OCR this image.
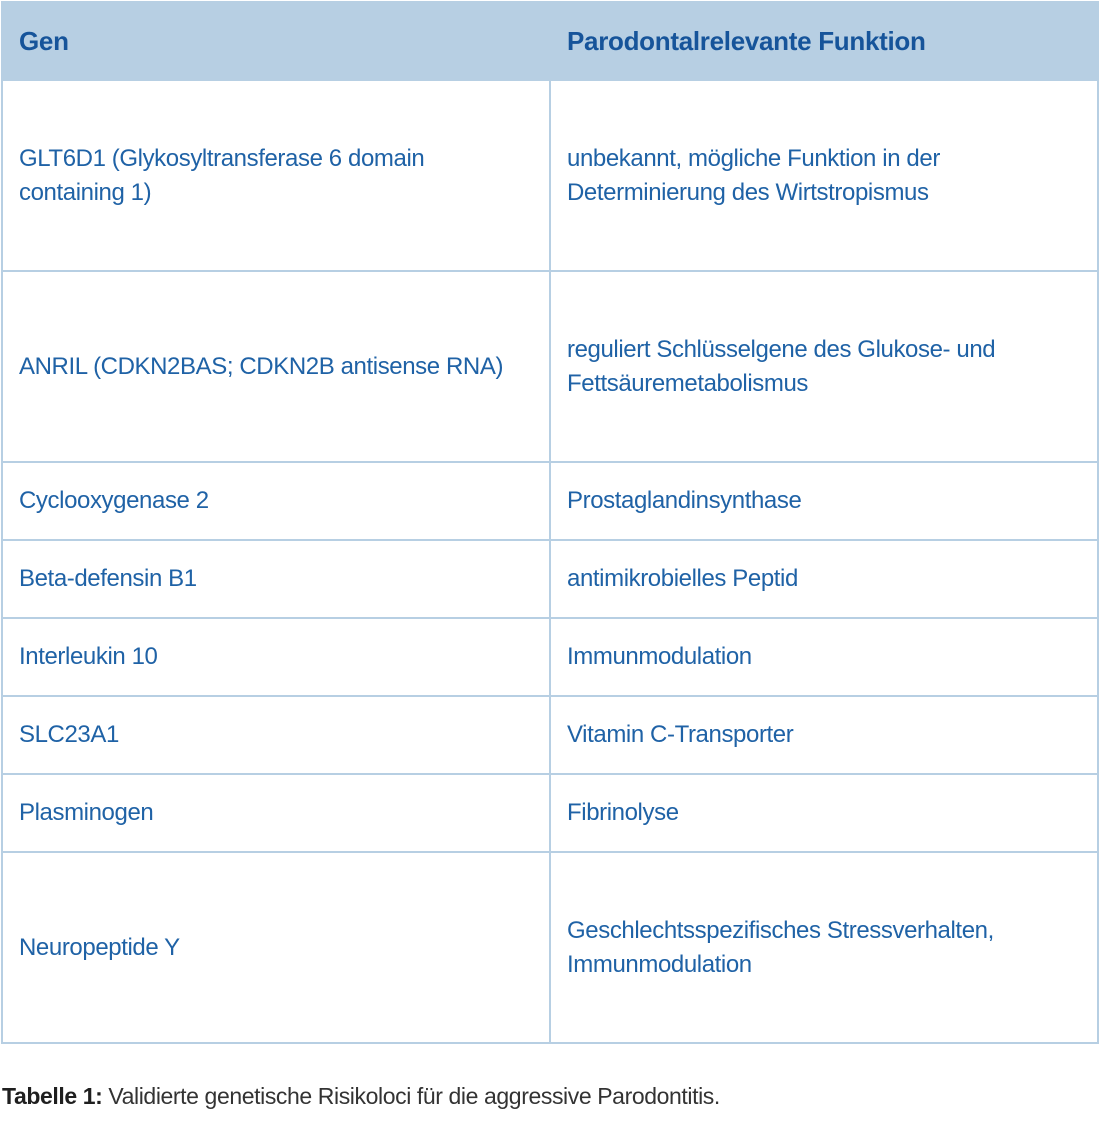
Gen	Parodontalrelevante Funktion
GLT6D1 (Glykosyltransferase 6 domain containing 1)	unbekannt, mögliche Funktion in der Determinierung des Wirtstropismus
ANRIL (CDKN2BAS; CDKN2B antisense RNA)	reguliert Schlüsselgene des Glukose- und Fettsäuremetabolismus
Cyclooxygenase 2	Prostaglandinsynthase
Beta-defensin B1	antimikrobielles Peptid
Interleukin 10	Immunmodulation
SLC23A1	Vitamin C-Transporter
Plasminogen	Fibrinolyse
Neuropeptide Y	Geschlechtsspezifisches Stressverhalten, Immunmodulation
Tabelle 1: Validierte genetische Risikoloci für die aggressive Parodontitis.
